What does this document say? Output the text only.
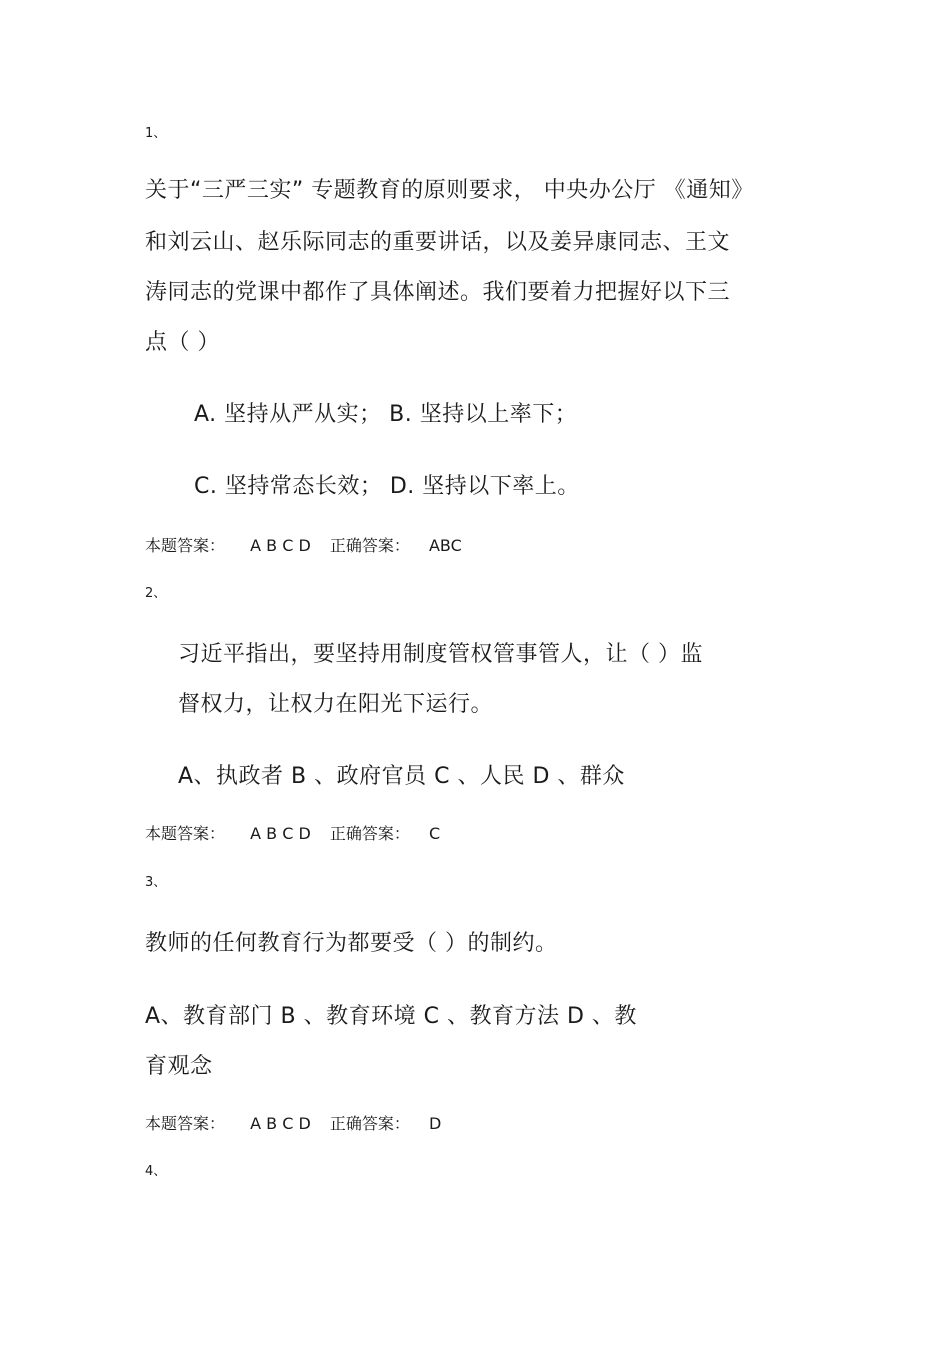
1、
关于“三严三实” 专题教育的原则要求， 中央办公厅 《通知》
和刘云山、赵乐际同志的重要讲话，以及姜异康同志、王文
涛同志的党课中都作了具体阐述。我们要着力把握好以下三
点（ ）
A. 坚持从严从实； B. 坚持以上率下；
C. 坚持常态长效； D. 坚持以下率上。
本题答案： A B C D 正确答案： ABC
2、
习近平指出，要坚持用制度管权管事管人，让（ ）监
督权力，让权力在阳光下运行。
A、执政者 B 、政府官员 C 、人民 D 、群众
本题答案： A B C D 正确答案： C
3、
教师的任何教育行为都要受（ ）的制约。
A、教育部门 B 、教育环境 C 、教育方法 D 、教
育观念
本题答案： A B C D 正确答案： D
4、
